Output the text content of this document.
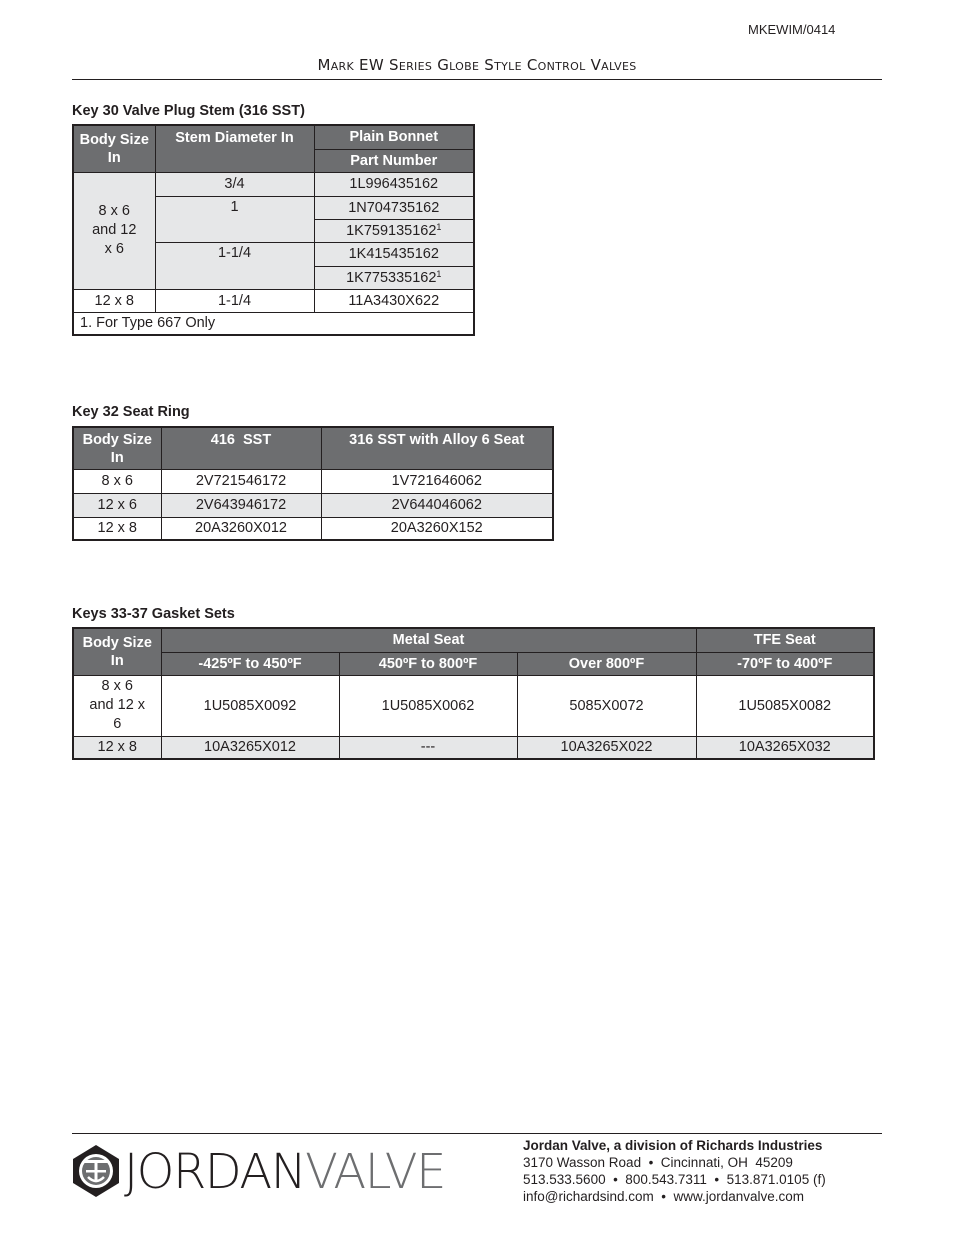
MKEWIM/0414
Mark EW Series Globe Style Control Valves
Key 30 Valve Plug Stem (316 SST)
Body Size In	Stem Diameter In	Plain Bonnet
		Part Number
8 x 6 and 12 x 6	3/4	1L996435162
	1	1N704735162
		1K759135162$^1$
	1-1/4	1K415435162
		1K775335162$^1$
12 x 8	1-1/4	11A3430X622
1. For Type 667 Only		
Key 32 Seat Ring
Body Size In	416  SST	316 SST with Alloy 6 Seat
8 x 6	2V721546172	1V721646062
12 x 6	2V643946172	2V644046062
12 x 8	20A3260X012	20A3260X152
Keys 33-37 Gasket Sets
Body Size In	Metal Seat			TFE Seat
	-425ºF to 450ºF	450ºF to 800ºF	Over 800ºF	-70ºF to 400ºF
8 x 6 and 12 x 6	1U5085X0092	1U5085X0062	5085X0072	1U5085X0082
12 x 8	10A3265X012	---	10A3265X022	10A3265X032
JORDANVALVE	Jordan Valve, a division of Richards Industries
3170 Wasson Road  •  Cincinnati, OH  45209
513.533.5600  •  800.543.7311  •  513.871.0105 (f)
info@richardsind.com  •  www.jordanvalve.com
